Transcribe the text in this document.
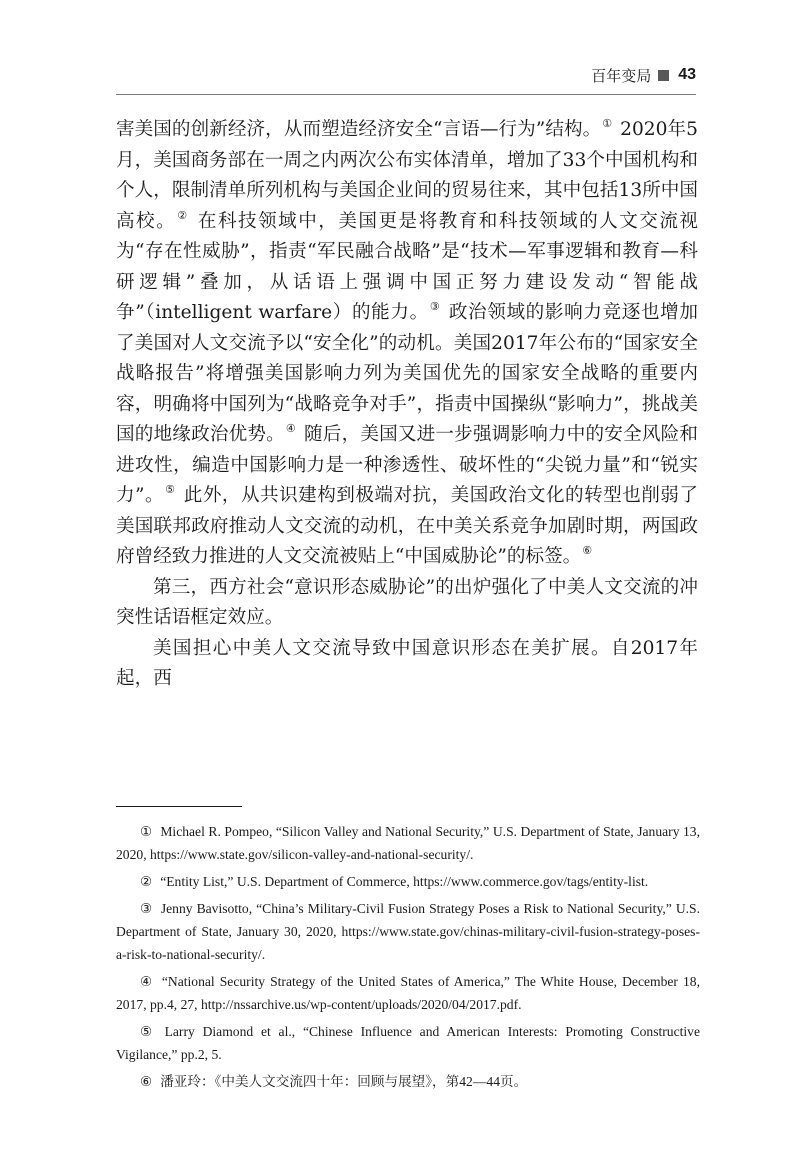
百年变局 43

害美国的创新经济，从而塑造经济安全“言语—行为”结构。① 2020年5月，美国商务部在一周之内两次公布实体清单，增加了33个中国机构和个人，限制清单所列机构与美国企业间的贸易往来，其中包括13所中国高校。② 在科技领域中，美国更是将教育和科技领域的人文交流视为“存在性威胁”，指责“军民融合战略”是“技术—军事逻辑和教育—科研逻辑”叠加，从话语上强调中国正努力建设发动“智能战争”（intelligent warfare）的能力。③ 政治领域的影响力竞逐也增加了美国对人文交流予以“安全化”的动机。美国2017年公布的“国家安全战略报告”将增强美国影响力列为美国优先的国家安全战略的重要内容，明确将中国列为“战略竞争对手”，指责中国操纵“影响力”，挑战美国的地缘政治优势。④ 随后，美国又进一步强调影响力中的安全风险和进攻性，编造中国影响力是一种渗透性、破坏性的“尖锐力量”和“锐实力”。⑤ 此外，从共识建构到极端对抗，美国政治文化的转型也削弱了美国联邦政府推动人文交流的动机，在中美关系竞争加剧时期，两国政府曾经致力推进的人文交流被贴上“中国威胁论”的标签。⑥

第三，西方社会“意识形态威胁论”的出炉强化了中美人文交流的冲突性话语框定效应。

美国担心中美人文交流导致中国意识形态在美扩展。自2017年起，西

① Michael R. Pompeo, “Silicon Valley and National Security,” U.S. Department of State, January 13, 2020, https://www.state.gov/silicon-valley-and-national-security/.

② “Entity List,” U.S. Department of Commerce, https://www.commerce.gov/tags/entity-list.

③ Jenny Bavisotto, “China’s Military-Civil Fusion Strategy Poses a Risk to National Security,” U.S. Department of State, January 30, 2020, https://www.state.gov/chinas-military-civil-fusion-strategy-poses-a-risk-to-national-security/.

④ “National Security Strategy of the United States of America,” The White House, December 18, 2017, pp.4, 27, http://nssarchive.us/wp-content/uploads/2020/04/2017.pdf.

⑤ Larry Diamond et al., “Chinese Influence and American Interests: Promoting Constructive Vigilance,” pp.2, 5.

⑥ 潘亚玲：《中美人文交流四十年：回顾与展望》，第42—44页。
